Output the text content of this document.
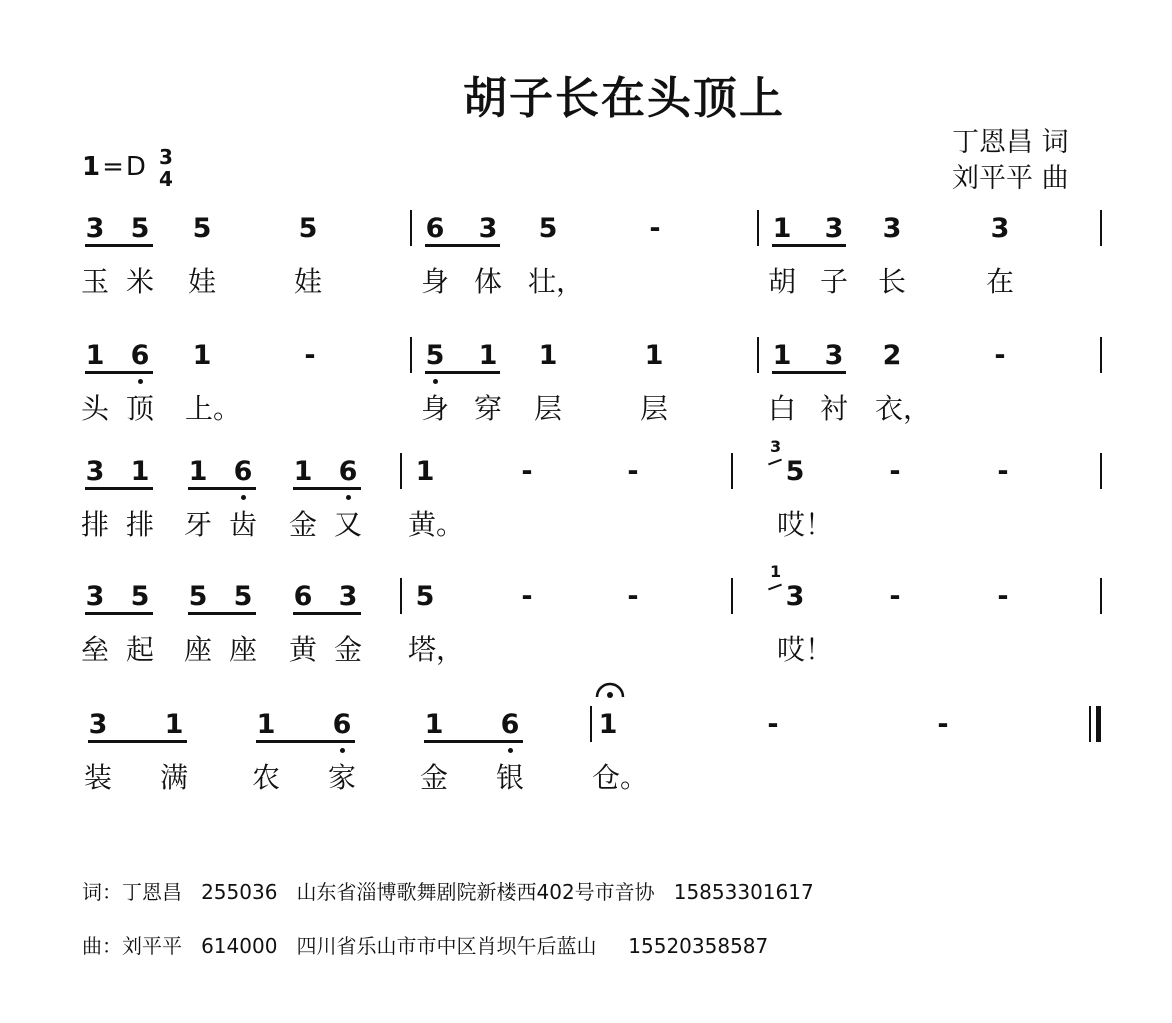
胡子长在头顶上
丁恩昌 词
刘平平 曲
1=D 3
4
3 5 5	5	6 3 5	-	1 3 3	3
玉 米 娃	娃	身 体 壮，	胡 子 长	在
1 6 1	-	5 1 1	1	1 3 2	-
头 顶 上。	身 穿 层	层	白 衬 衣，
3 1 1 6 1 6 1	-	-	5	-	-
排 排 牙 齿 金 又 黄。	哎！
3
3 5 5 5 6 3 5	-	-	3	-	-
垒 起 座 座 黄 金 塔，	哎！
1
3 1	1 6	1 6	1	-	-
装 满 农 家 金 银 仓。
词：丁恩昌   255036   山东省淄博歌舞剧院新楼西402号市音协   15853301617
曲：刘平平   614000   四川省乐山市市中区肖坝午后蓝山     15520358587
